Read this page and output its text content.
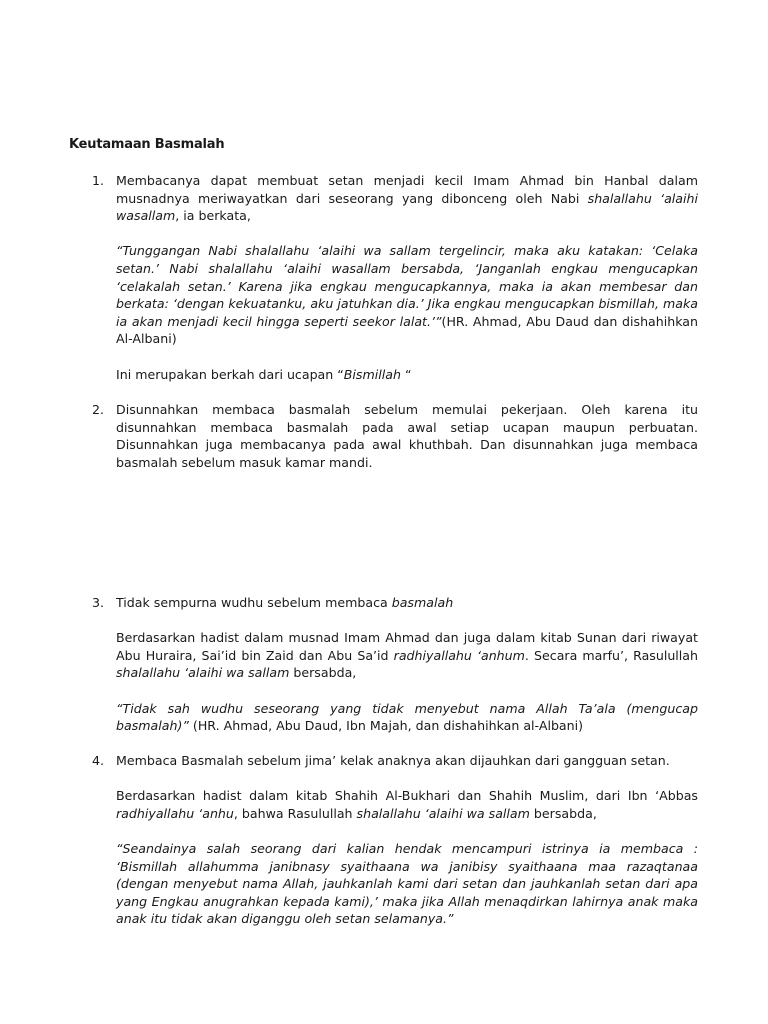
Keutamaan Basmalah
1. Membacanya dapat membuat setan menjadi kecil Imam Ahmad bin Hanbal dalam musnadnya meriwayatkan dari seseorang yang dibonceng oleh Nabi shalallahu ‘alaihi wasallam, ia berkata,

“Tunggangan Nabi shalallahu ‘alaihi wa sallam tergelincir, maka aku katakan: ‘Celaka setan.’ Nabi shalallahu ‘alaihi wasallam bersabda, ‘Janganlah engkau mengucapkan ‘celakalah setan.’ Karena jika engkau mengucapkannya, maka ia akan membesar dan berkata: ‘dengan kekuatanku, aku jatuhkan dia.’ Jika engkau mengucapkan bismillah, maka ia akan menjadi kecil hingga seperti seekor lalat.’”(HR. Ahmad, Abu Daud dan dishahihkan Al-Albani)

Ini merupakan berkah dari ucapan “Bismillah “

2. Disunnahkan membaca basmalah sebelum memulai pekerjaan. Oleh karena itu disunnahkan membaca basmalah pada awal setiap ucapan maupun perbuatan. Disunnahkan juga membacanya pada awal khuthbah. Dan disunnahkan juga membaca basmalah sebelum masuk kamar mandi.

3. Tidak sempurna wudhu sebelum membaca basmalah

Berdasarkan hadist dalam musnad Imam Ahmad dan juga dalam kitab Sunan dari riwayat Abu Huraira, Sai’id bin Zaid dan Abu Sa’id radhiyallahu ‘anhum. Secara marfu’, Rasulullah shalallahu ‘alaihi wa sallam bersabda,

“Tidak sah wudhu seseorang yang tidak menyebut nama Allah Ta’ala (mengucap basmalah)” (HR. Ahmad, Abu Daud, Ibn Majah, dan dishahihkan al-Albani)

4. Membaca Basmalah sebelum jima’ kelak anaknya akan dijauhkan dari gangguan setan.

Berdasarkan hadist dalam kitab Shahih Al-Bukhari dan Shahih Muslim, dari Ibn ‘Abbas radhiyallahu ‘anhu, bahwa Rasulullah shalallahu ‘alaihi wa sallam bersabda,

“Seandainya salah seorang dari kalian hendak mencampuri istrinya ia membaca : ‘Bismillah allahumma janibnasy syaithaana wa janibisy syaithaana maa razaqtanaa (dengan menyebut nama Allah, jauhkanlah kami dari setan dan jauhkanlah setan dari apa yang Engkau anugrahkan kepada kami),’ maka jika Allah menaqdirkan lahirnya anak maka anak itu tidak akan diganggu oleh setan selamanya.”
